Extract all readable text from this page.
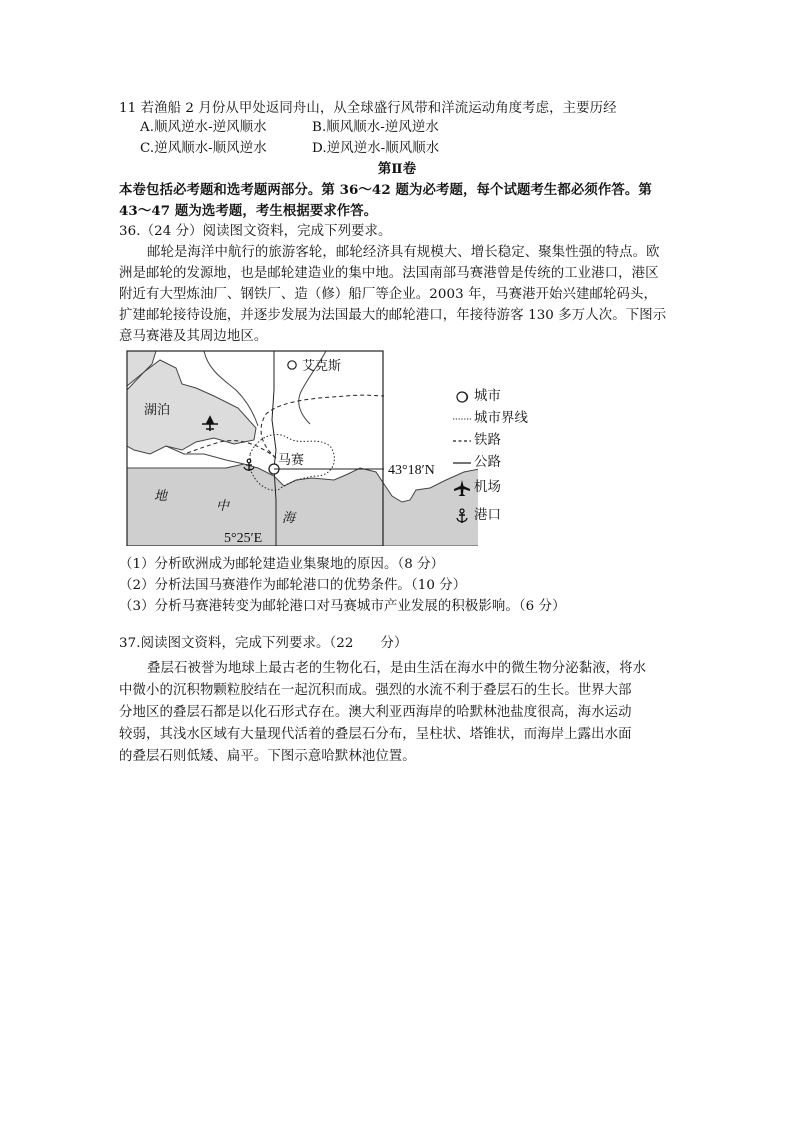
11 若渔船 2 月份从甲处返同舟山，从全球盛行风带和洋流运动角度考虑，主要历经
A.顺风逆水-逆风顺水	B.顺风顺水-逆风逆水
C.逆风顺水-顺风逆水	D.逆风逆水-顺风顺水
第Ⅱ卷
本卷包括必考题和选考题两部分。第 36～42 题为必考题，每个试题考生都必须作答。第
43～47 题为选考题，考生根据要求作答。
36.（24 分）阅读图文资料，完成下列要求。
邮轮是海洋中航行的旅游客轮，邮轮经济具有规模大、增长稳定、聚集性强的特点。欧
洲是邮轮的发源地，也是邮轮建造业的集中地。法国南部马赛港曾是传统的工业港口，港区
附近有大型炼油厂、钢铁厂、造（修）船厂等企业。2003 年，马赛港开始兴建邮轮码头，
扩建邮轮接待设施，并逐步发展为法国最大的邮轮港口，年接待游客 130 多万人次。下图示
意马赛港及其周边地区。
艾克斯
湖泊
马赛
43°18′N
地
中
海
5°25′E
城市
城市界线
铁路
公路
机场
港口
（1）分析欧洲成为邮轮建造业集聚地的原因。（8 分）
（2）分析法国马赛港作为邮轮港口的优势条件。（10 分）
（3）分析马赛港转变为邮轮港口对马赛城市产业发展的积极影响。（6 分）
37.阅读图文资料，完成下列要求。（22　　分）
叠层石被誉为地球上最古老的生物化石，是由生活在海水中的微生物分泌黏液，将水
中微小的沉积物颗粒胶结在一起沉积而成。强烈的水流不利于叠层石的生长。世界大部
分地区的叠层石都是以化石形式存在。澳大利亚西海岸的哈默林池盐度很高，海水运动
较弱，其浅水区域有大量现代活着的叠层石分布，呈柱状、塔锥状，而海岸上露出水面
的叠层石则低矮、扁平。下图示意哈默林池位置。
